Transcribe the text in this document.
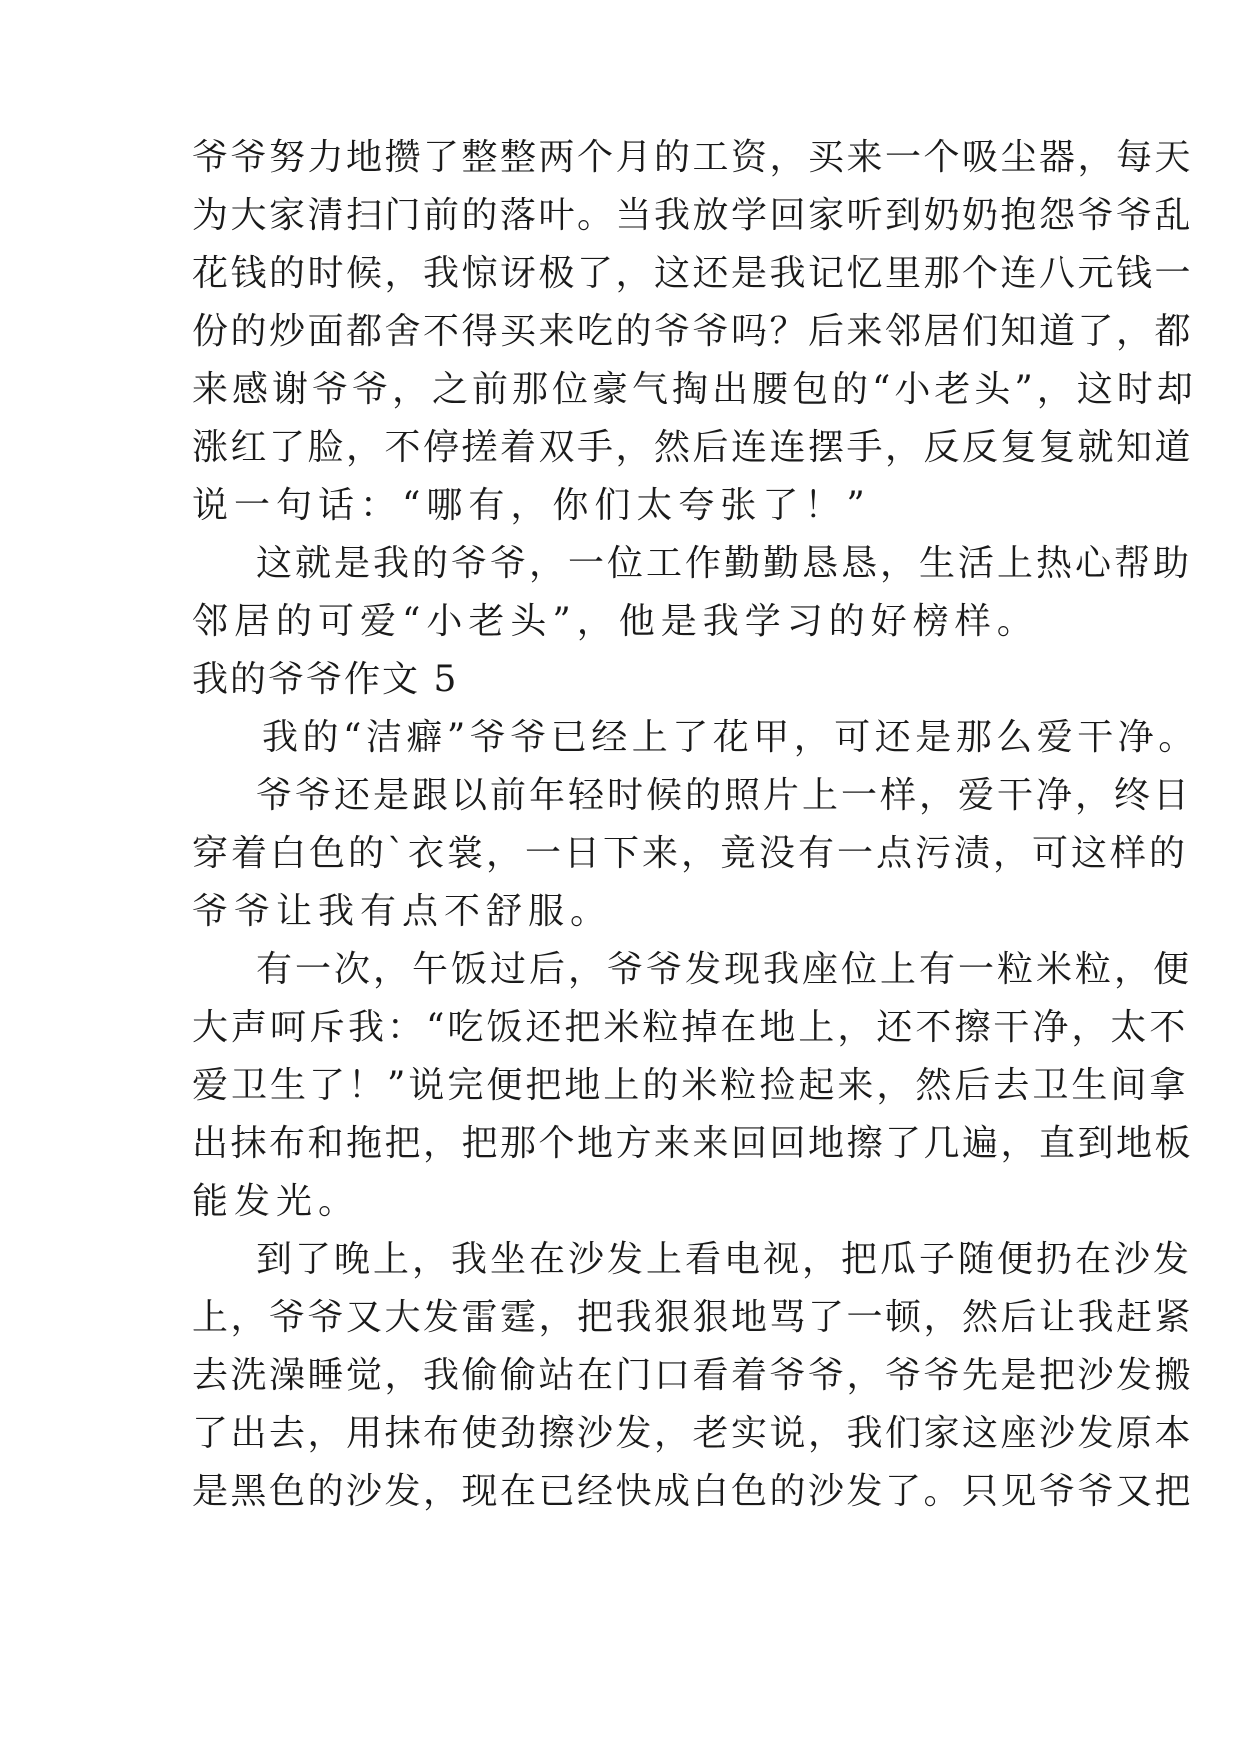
爷爷努力地攒了整整两个月的工资，买来一个吸尘器，每天
为大家清扫门前的落叶。当我放学回家听到奶奶抱怨爷爷乱
花钱的时候，我惊讶极了，这还是我记忆里那个连八元钱一
份的炒面都舍不得买来吃的爷爷吗？后来邻居们知道了，都
来感谢爷爷，之前那位豪气掏出腰包的“小老头”，这时却
涨红了脸，不停搓着双手，然后连连摆手，反反复复就知道
说一句话：“哪有，你们太夸张了！”
这就是我的爷爷，一位工作勤勤恳恳，生活上热心帮助
邻居的可爱“小老头”，他是我学习的好榜样。
我的爷爷作文 5
我的“洁癖”爷爷已经上了花甲，可还是那么爱干净。
爷爷还是跟以前年轻时候的照片上一样，爱干净，终日
穿着白色的`衣裳，一日下来，竟没有一点污渍，可这样的
爷爷让我有点不舒服。
有一次，午饭过后，爷爷发现我座位上有一粒米粒，便
大声呵斥我：“吃饭还把米粒掉在地上，还不擦干净，太不
爱卫生了！”说完便把地上的米粒捡起来，然后去卫生间拿
出抹布和拖把，把那个地方来来回回地擦了几遍，直到地板
能发光。
到了晚上，我坐在沙发上看电视，把瓜子随便扔在沙发
上，爷爷又大发雷霆，把我狠狠地骂了一顿，然后让我赶紧
去洗澡睡觉，我偷偷站在门口看着爷爷，爷爷先是把沙发搬
了出去，用抹布使劲擦沙发，老实说，我们家这座沙发原本
是黑色的沙发，现在已经快成白色的沙发了。只见爷爷又把
